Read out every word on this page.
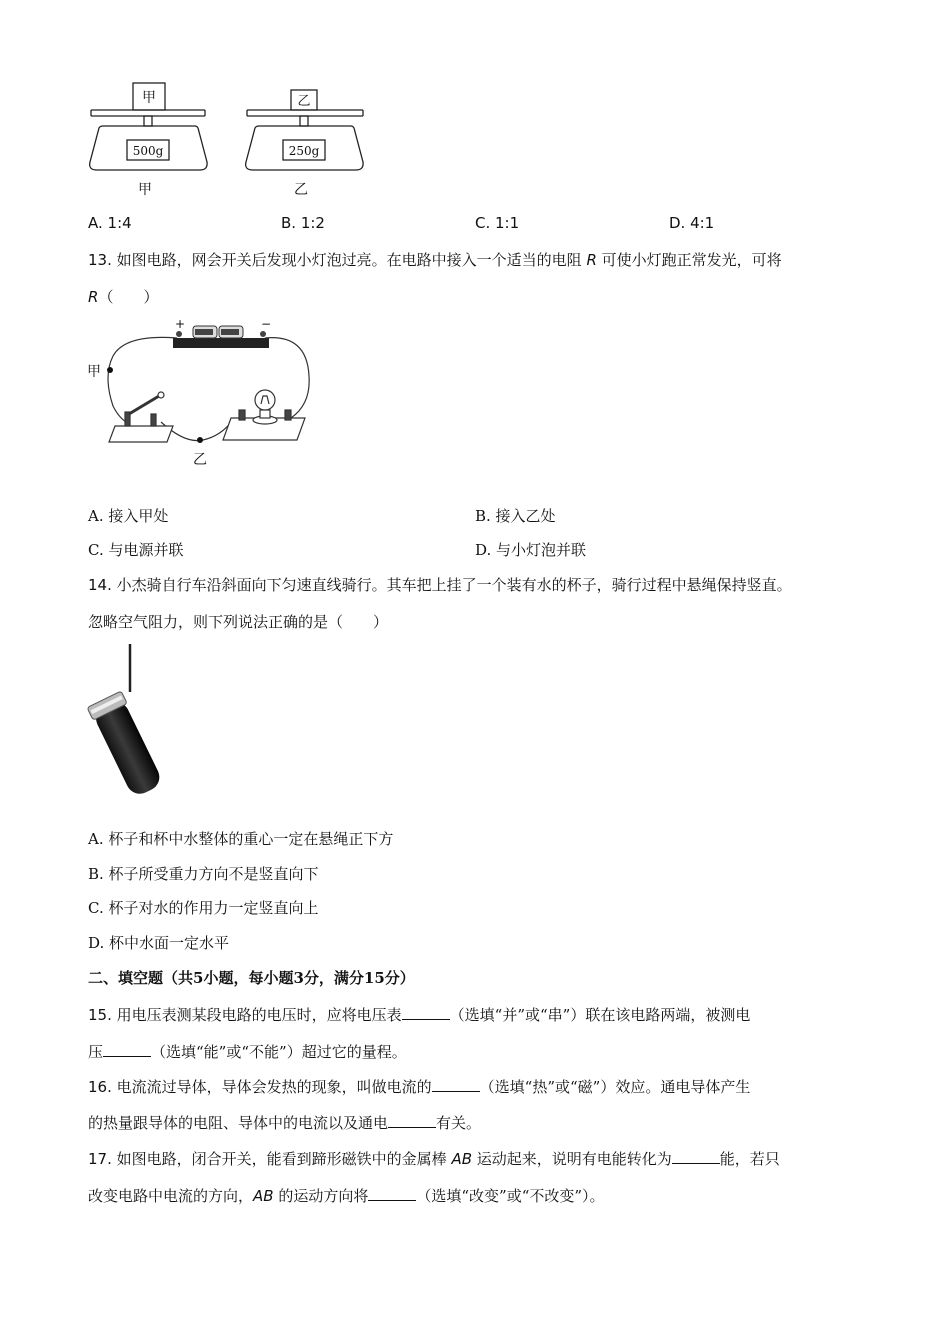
甲
500g
甲
乙
250g
乙
A. 1:4	B. 1:2	C. 1:1	D. 4:1
13. 如图电路，网会开关后发现小灯泡过亮。在电路中接入一个适当的电阻 R 可使小灯跑正常发光，可将
R（　　）
+	−
甲
乙
A. 接入甲处	B. 接入乙处
C. 与电源并联	D. 与小灯泡并联
14. 小杰骑自行车沿斜面向下匀速直线骑行。其车把上挂了一个装有水的杯子，骑行过程中悬绳保持竖直。
忽略空气阻力，则下列说法正确的是（　　）
A. 杯子和杯中水整体的重心一定在悬绳正下方
B. 杯子所受重力方向不是竖直向下
C. 杯子对水的作用力一定竖直向上
D. 杯中水面一定水平
二、填空题（共5小题，每小题3分，满分15分）
15. 用电压表测某段电路的电压时，应将电压表	（选填“并”或“串”）联在该电路两端，被测电
压	（选填“能”或“不能”）超过它的量程。
16. 电流流过导体，导体会发热的现象，叫做电流的	（选填“热”或“磁”）效应。通电导体产生
的热量跟导体的电阻、导体中的电流以及通电	有关。
17. 如图电路，闭合开关，能看到蹄形磁铁中的金属棒 AB 运动起来，说明有电能转化为	能，若只
改变电路中电流的方向，AB 的运动方向将	（选填“改变”或“不改变”）。
